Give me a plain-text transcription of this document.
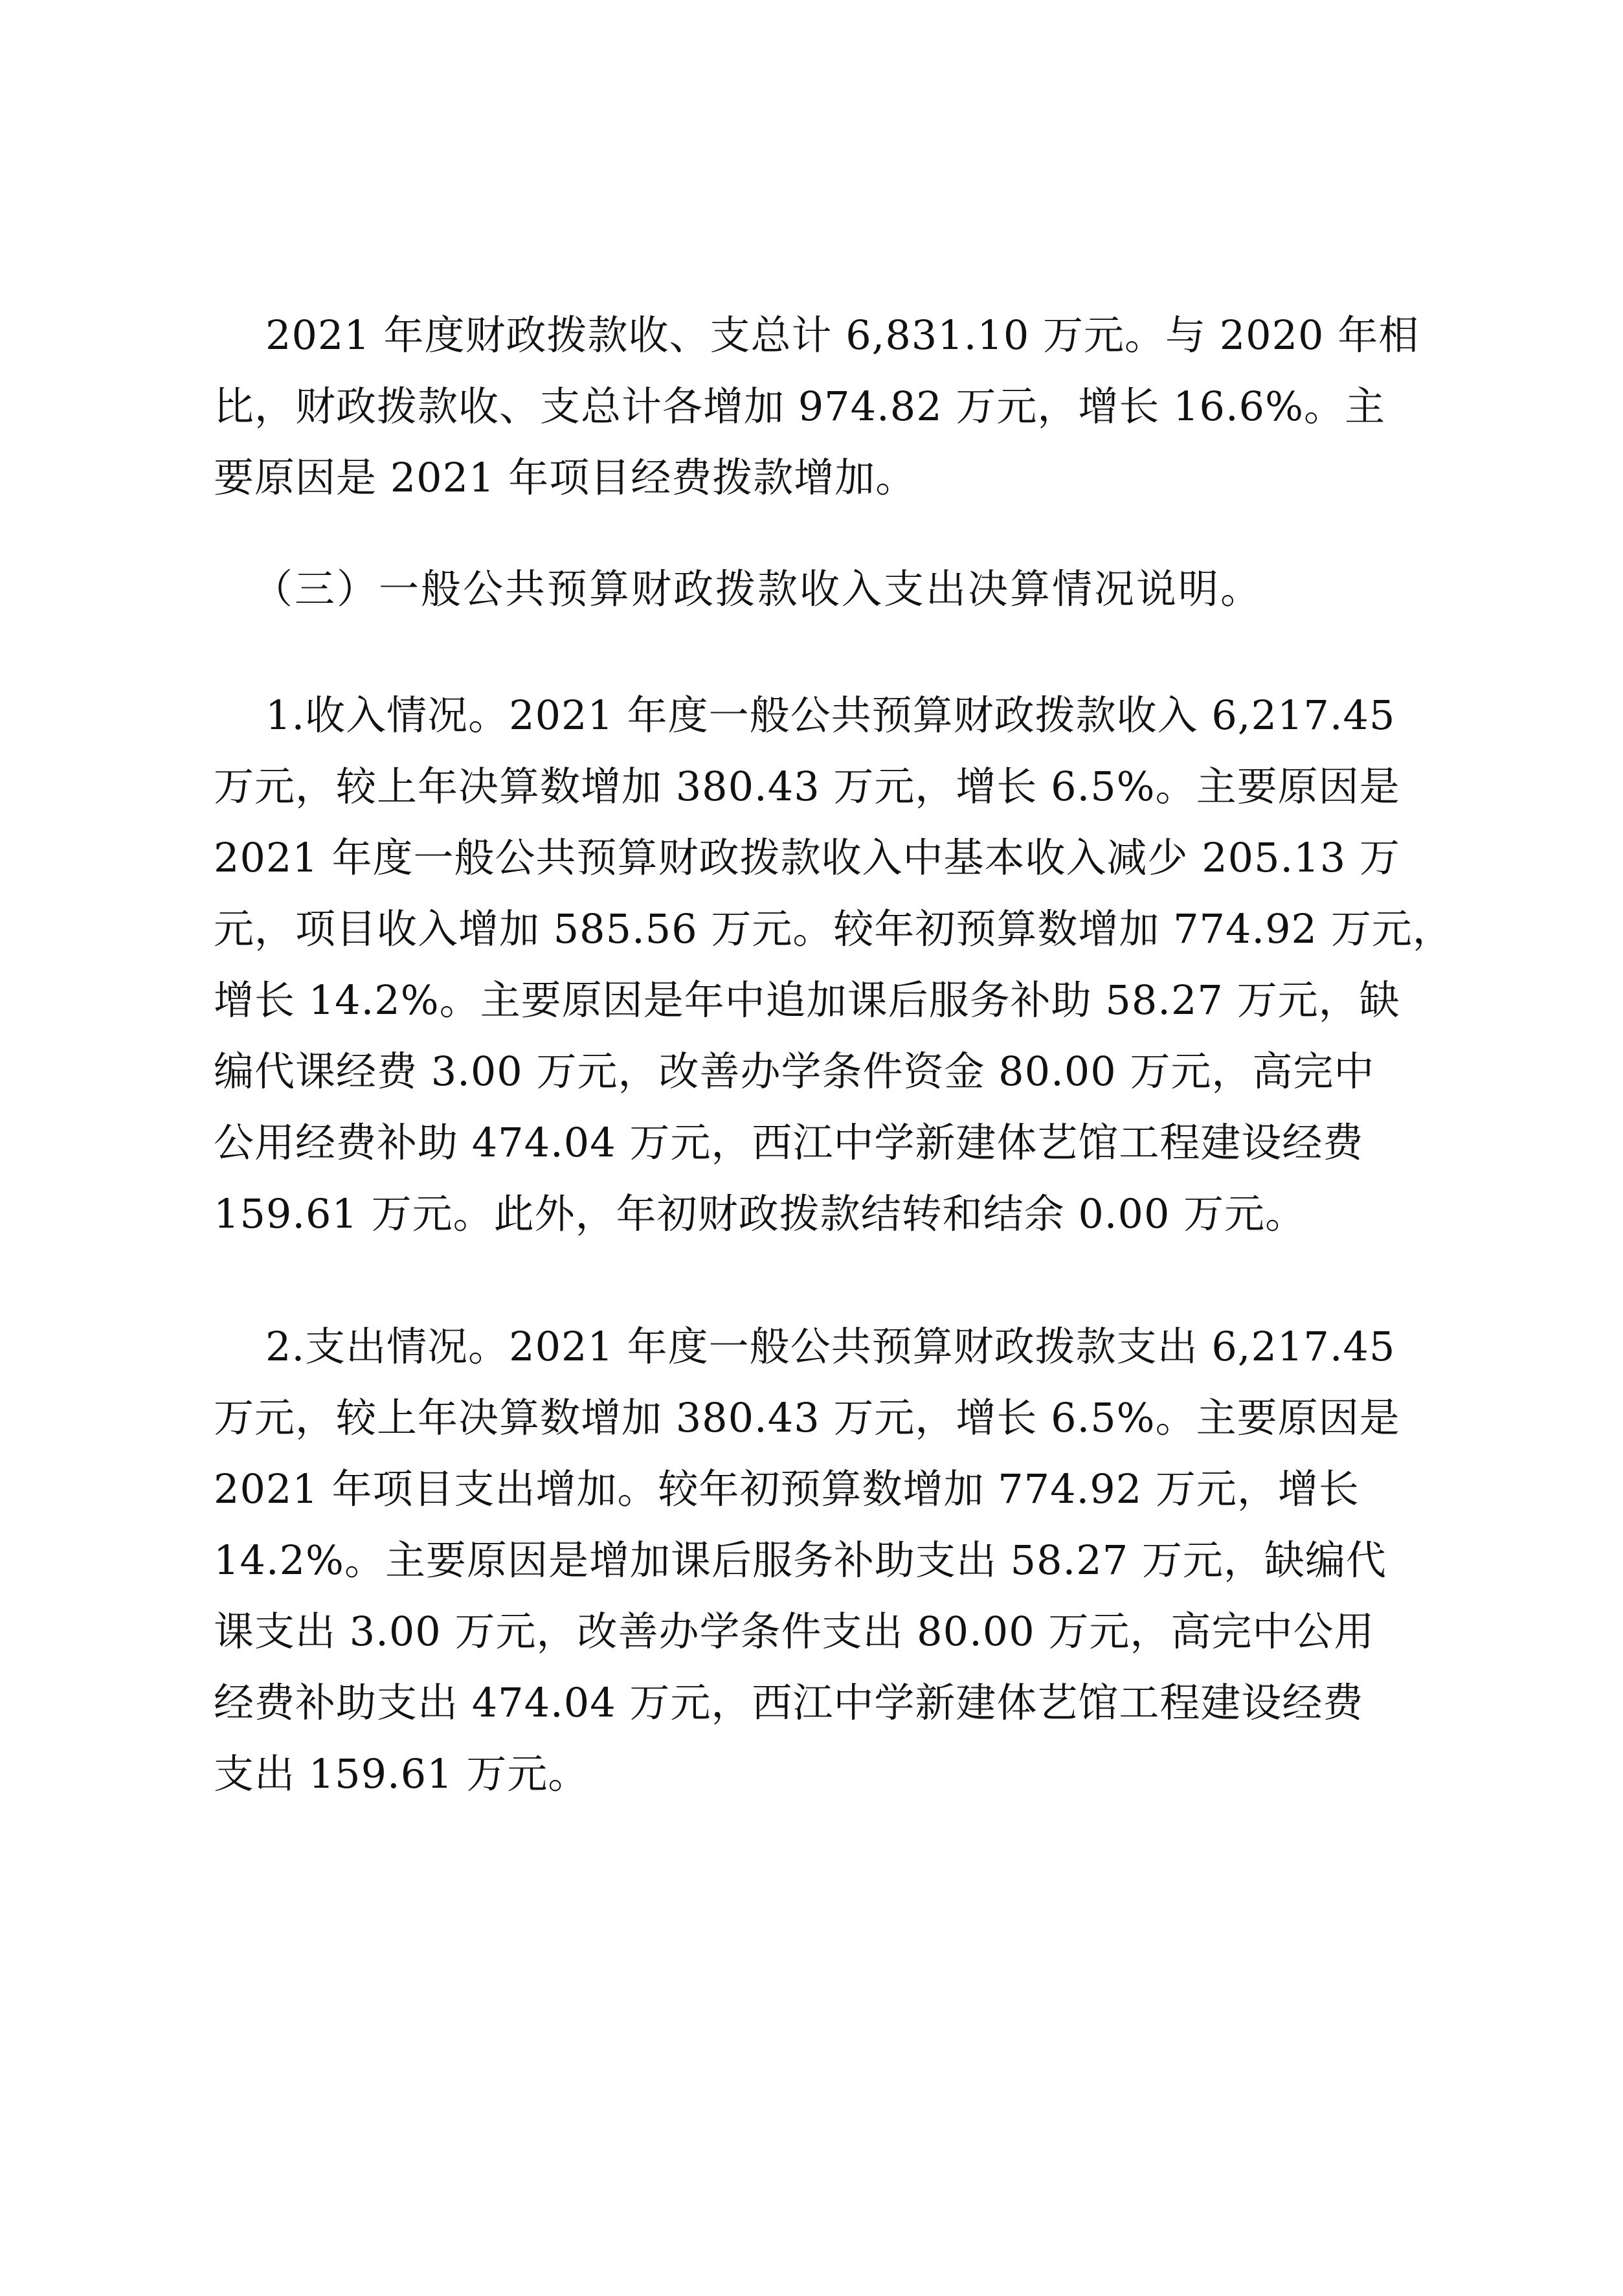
2021 年度财政拨款收、支总计 6,831.10 万元。与 2020 年相
比，财政拨款收、支总计各增加 974.82 万元，增长 16.6%。主
要原因是 2021 年项目经费拨款增加。
（三）一般公共预算财政拨款收入支出决算情况说明。
1.收入情况。2021 年度一般公共预算财政拨款收入 6,217.45
万元，较上年决算数增加 380.43 万元，增长 6.5%。主要原因是
2021 年度一般公共预算财政拨款收入中基本收入减少 205.13 万
元，项目收入增加 585.56 万元。较年初预算数增加 774.92 万元，
增长 14.2%。主要原因是年中追加课后服务补助 58.27 万元，缺
编代课经费 3.00 万元，改善办学条件资金 80.00 万元，高完中
公用经费补助 474.04 万元，西江中学新建体艺馆工程建设经费
159.61 万元。此外，年初财政拨款结转和结余 0.00 万元。
2.支出情况。2021 年度一般公共预算财政拨款支出 6,217.45
万元，较上年决算数增加 380.43 万元，增长 6.5%。主要原因是
2021 年项目支出增加。较年初预算数增加 774.92 万元，增长
14.2%。主要原因是增加课后服务补助支出 58.27 万元，缺编代
课支出 3.00 万元，改善办学条件支出 80.00 万元，高完中公用
经费补助支出 474.04 万元，西江中学新建体艺馆工程建设经费
支出 159.61 万元。
